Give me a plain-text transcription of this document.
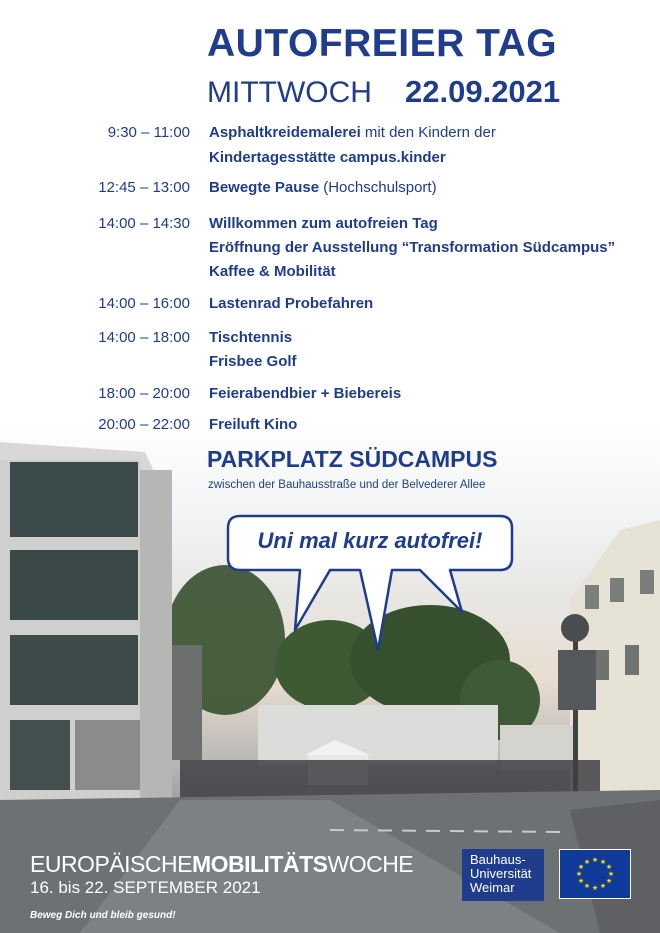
AUTOFREIER TAG
MITTWOCH 22.09.2021
9:30 – 11:00 Asphaltkreidemalerei mit den Kindern der
Kindertagesstätte campus.kinder
12:45 – 13:00 Bewegte Pause (Hochschulsport)
14:00 – 14:30 Willkommen zum autofreien Tag
Eröffnung der Ausstellung “Transformation Südcampus”
Kaffee & Mobilität
14:00 – 16:00 Lastenrad Probefahren
14:00 – 18:00 Tischtennis
Frisbee Golf
18:00 – 20:00 Feierabendbier + Biebereis
20:00 – 22:00 Freiluft Kino
PARKPLATZ SÜDCAMPUS
zwischen der Bauhausstraße und der Belvederer Allee
Uni mal kurz autofrei!
EUROPÄISCHEMOBILITÄTSWOCHE
16. bis 22. SEPTEMBER 2021
Beweg Dich und bleib gesund!
Bauhaus-
Universität
Weimar
★ ★
★
★
★
★
★
★
★
★
★
★
